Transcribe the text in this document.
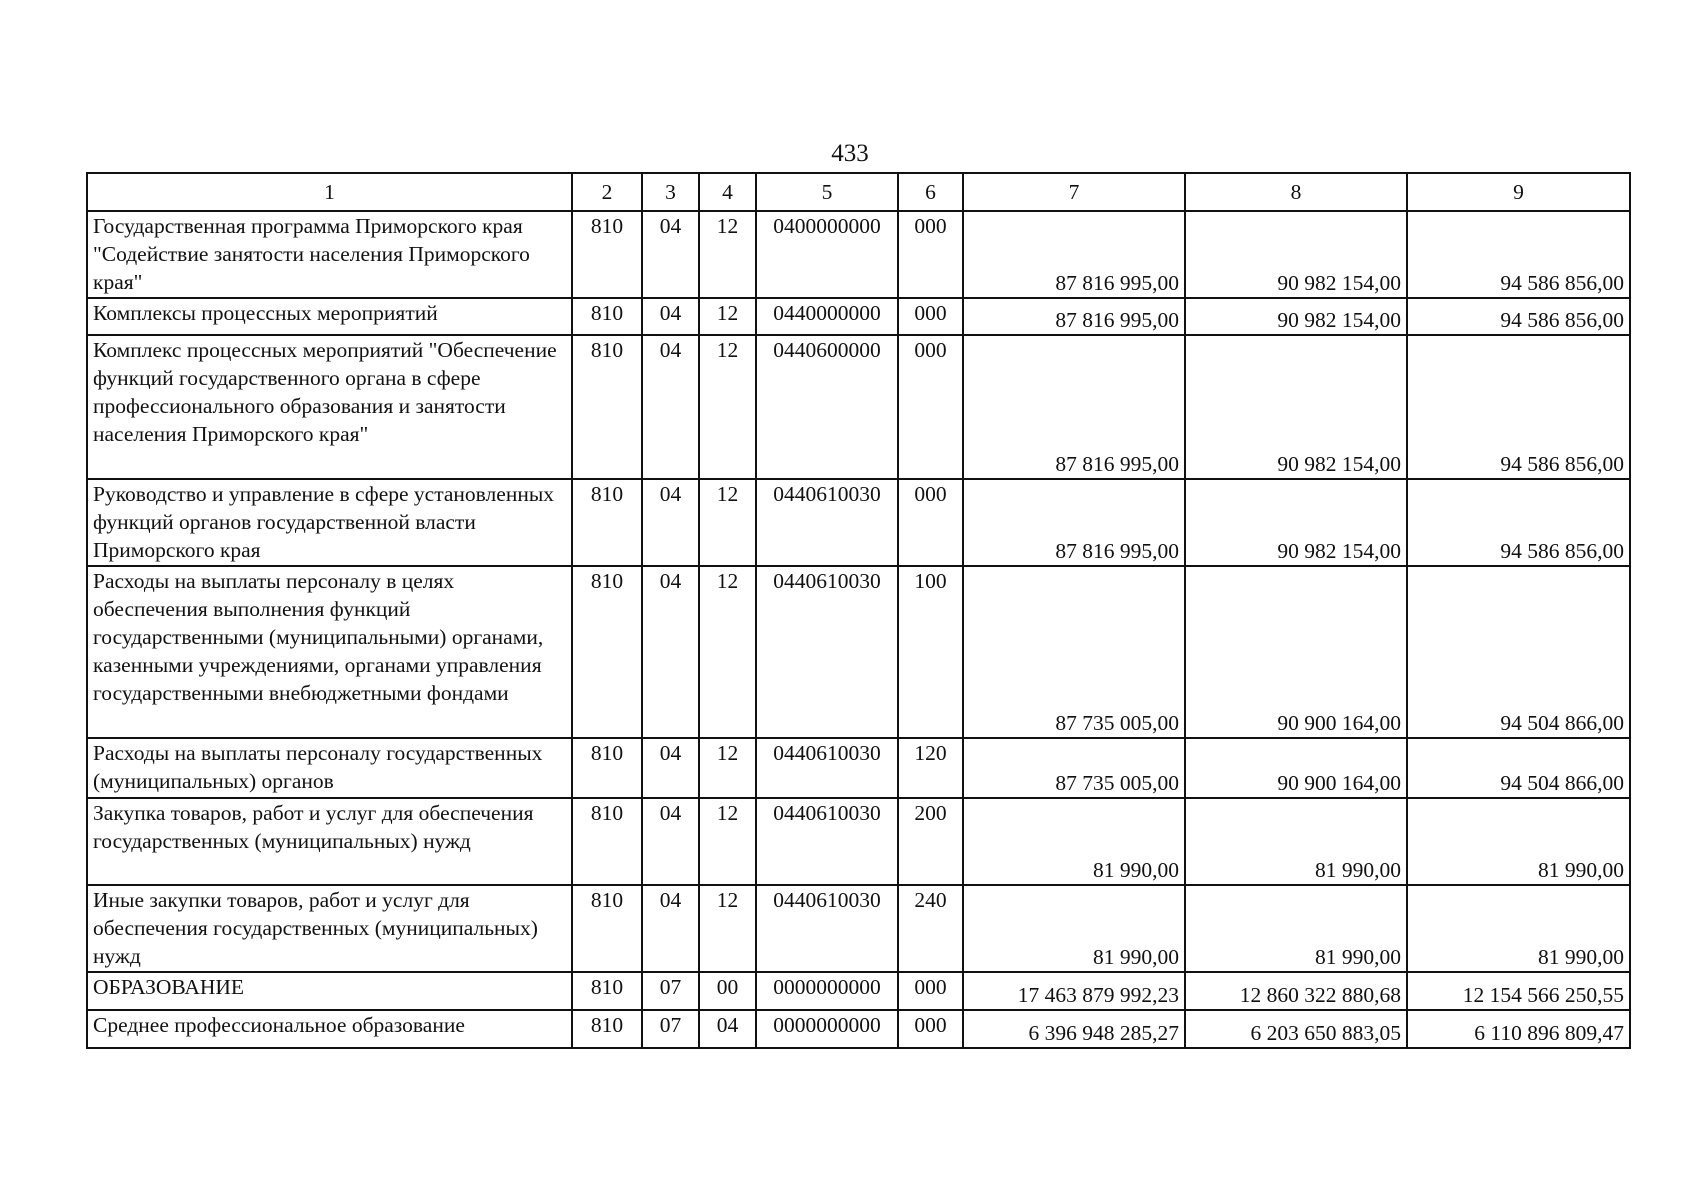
433
1	2	3	4	5	6	7	8	9
Государственная программа Приморского края "Содействие занятости населения Приморского края"	810	04	12	0400000000	000	87 816 995,00	90 982 154,00	94 586 856,00
Комплексы процессных мероприятий	810	04	12	0440000000	000	87 816 995,00	90 982 154,00	94 586 856,00
Комплекс процессных мероприятий "Обеспечение функций государственного органа в сфере профессионального образования и занятости населения Приморского края"	810	04	12	0440600000	000	87 816 995,00	90 982 154,00	94 586 856,00
Руководство и управление в сфере установленных функций органов государственной власти Приморского края	810	04	12	0440610030	000	87 816 995,00	90 982 154,00	94 586 856,00
Расходы на выплаты персоналу в целях обеспечения выполнения функций государственными (муниципальными) органами, казенными учреждениями, органами управления государственными внебюджетными фондами	810	04	12	0440610030	100	87 735 005,00	90 900 164,00	94 504 866,00
Расходы на выплаты персоналу государственных (муниципальных) органов	810	04	12	0440610030	120	87 735 005,00	90 900 164,00	94 504 866,00
Закупка товаров, работ и услуг для обеспечения государственных (муниципальных) нужд	810	04	12	0440610030	200	81 990,00	81 990,00	81 990,00
Иные закупки товаров, работ и услуг для обеспечения государственных (муниципальных) нужд	810	04	12	0440610030	240	81 990,00	81 990,00	81 990,00
ОБРАЗОВАНИЕ	810	07	00	0000000000	000	17 463 879 992,23	12 860 322 880,68	12 154 566 250,55
Среднее профессиональное образование	810	07	04	0000000000	000	6 396 948 285,27	6 203 650 883,05	6 110 896 809,47
